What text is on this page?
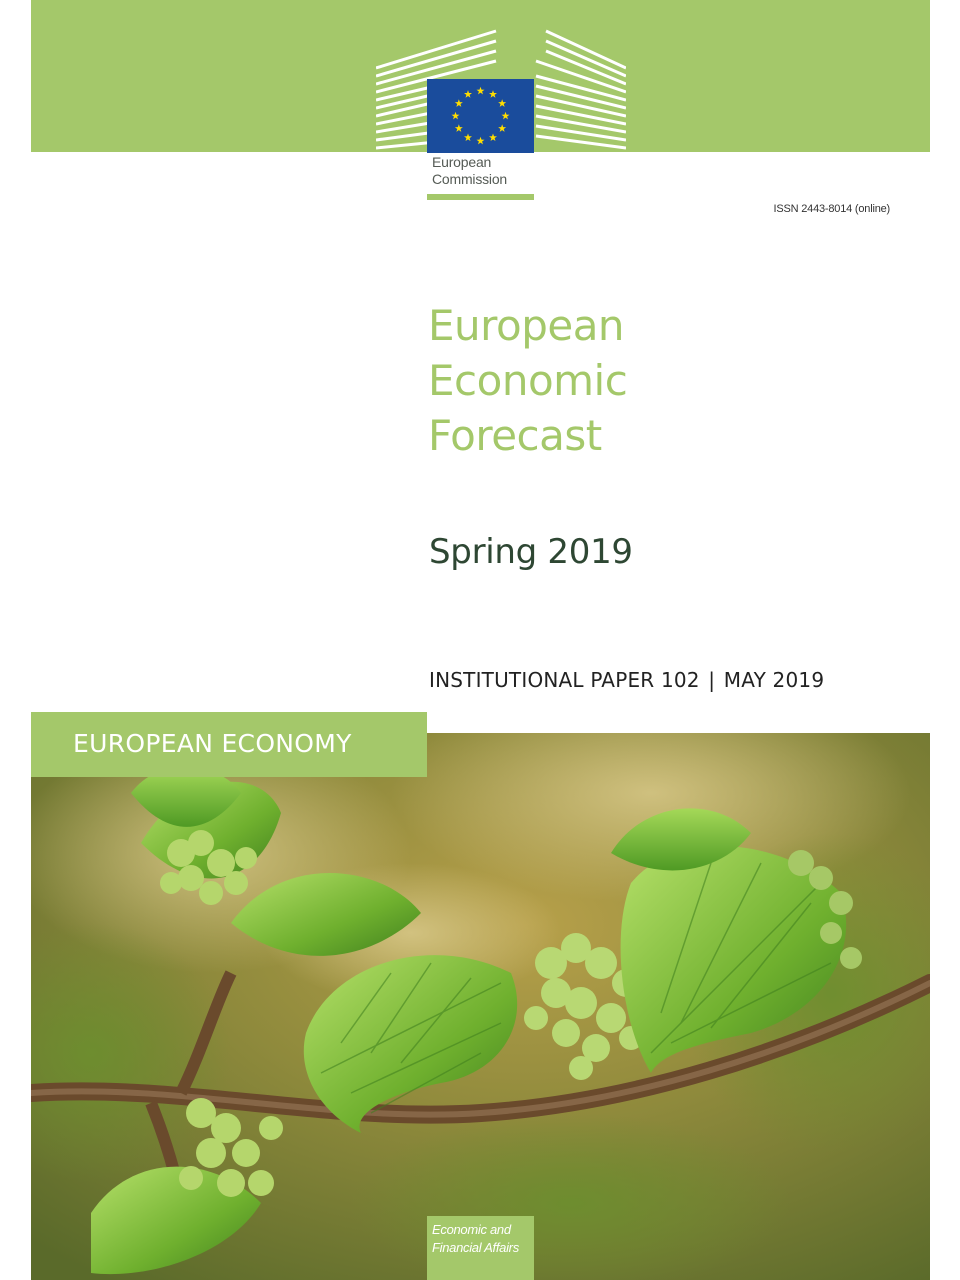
European
Commission
ISSN 2443-8014 (online)
European
Economic
Forecast
Spring 2019
INSTITUTIONAL PAPER 102 | MAY 2019
EUROPEAN ECONOMY
Economic and
Financial Affairs
